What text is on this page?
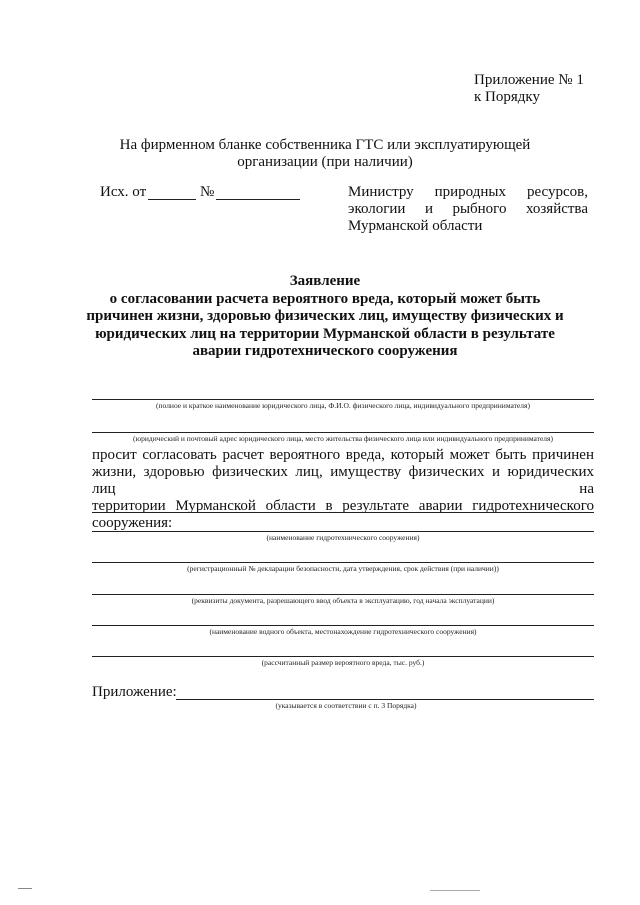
Приложение № 1
к Порядку
На фирменном бланке собственника ГТС или эксплуатирующей
организации (при наличии)
Исх. от	№	Министру природных ресурсов,
экологии и рыбного хозяйства
Мурманской области
Заявление
о согласовании расчета вероятного вреда, который может быть
причинен жизни, здоровью физических лиц, имуществу физических и
юридических лиц на территории Мурманской области в результате
аварии гидротехнического сооружения
(полное и краткое наименование юридического лица, Ф.И.О. физического лица, индивидуального предпринимателя)
(юридический и почтовый адрес юридического лица, место жительства физического лица или индивидуального предпринимателя)
просит согласовать расчет вероятного вреда, который может быть причинен
жизни, здоровью физических лиц, имуществу физических и юридических лиц на
территории Мурманской области в результате аварии гидротехнического
сооружения:
(наименование гидротехнического сооружения)
(регистрационный № декларации безопасности, дата утверждения, срок действия (при наличии))
(реквизиты документа, разрешающего ввод объекта в эксплуатацию, год начала эксплуатации)
(наименование водного объекта, местонахождение гидротехнического сооружения)
(рассчитанный размер вероятного вреда, тыс. руб.)
Приложение:
(указывается в соответствии с п. 3 Порядка)
